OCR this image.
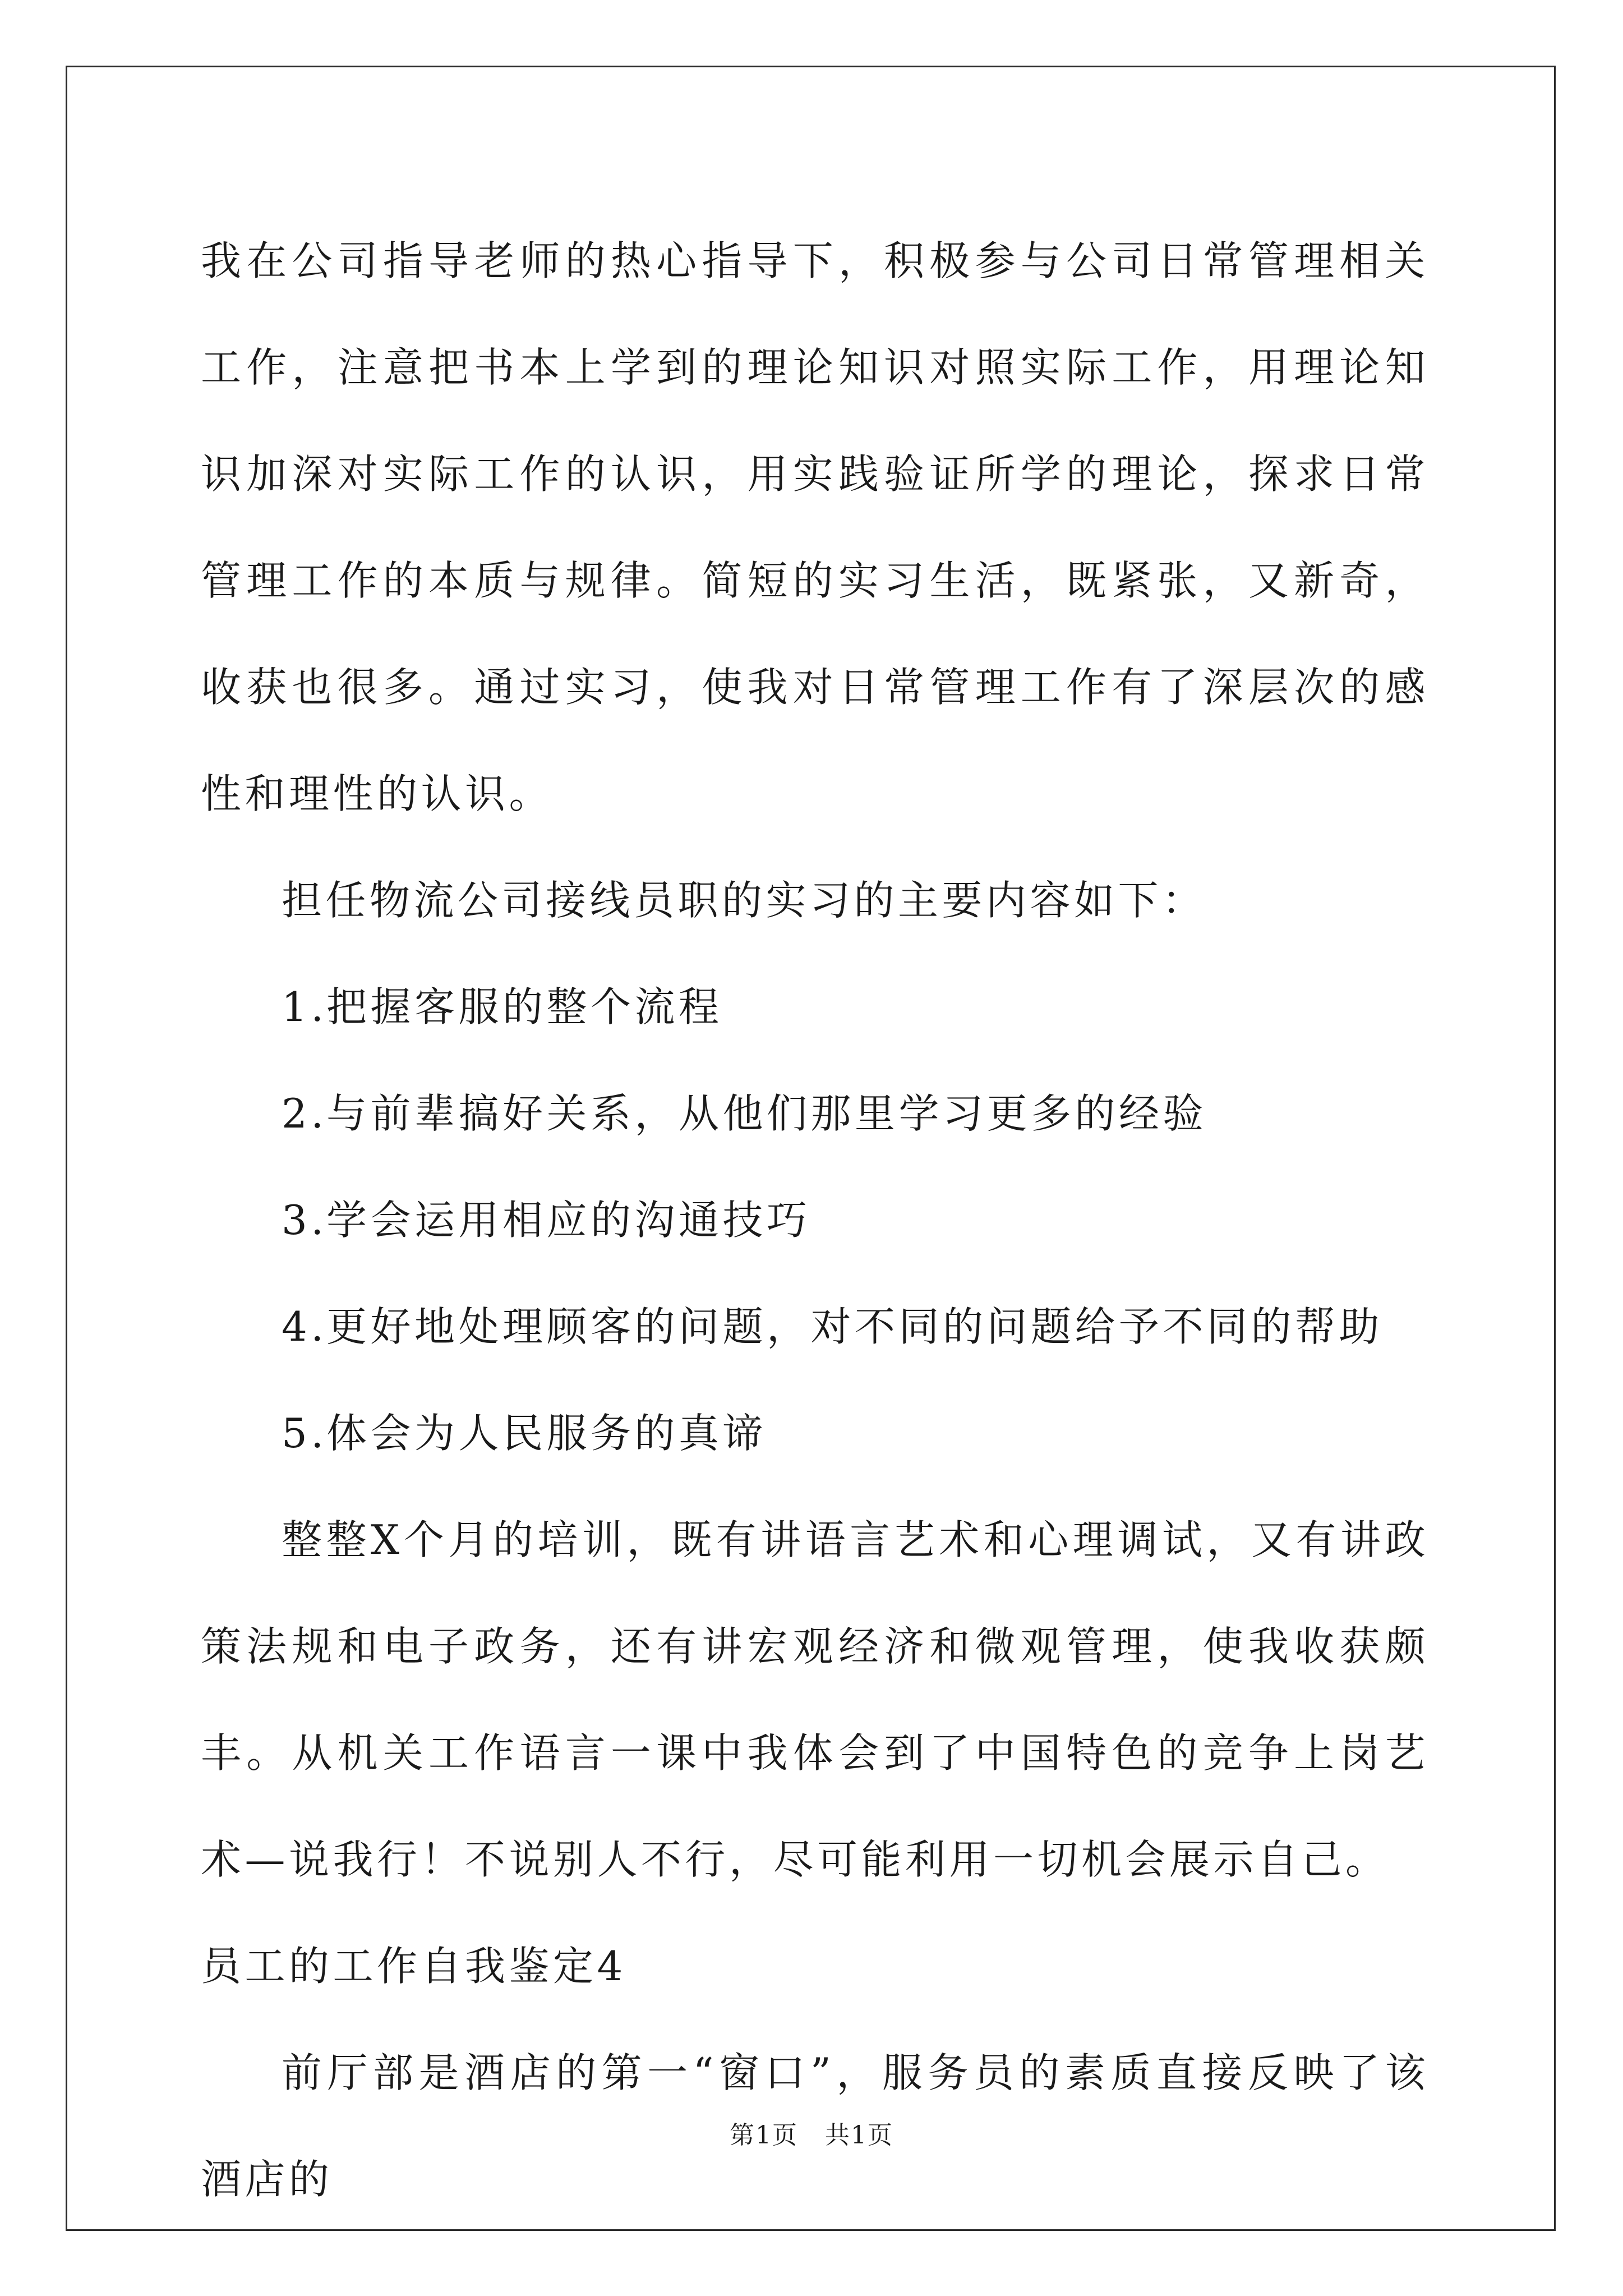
我在公司指导老师的热心指导下，积极参与公司日常管理相关工作，注意把书本上学到的理论知识对照实际工作，用理论知识加深对实际工作的认识，用实践验证所学的理论，探求日常管理工作的本质与规律。简短的实习生活，既紧张，又新奇，收获也很多。通过实习，使我对日常管理工作有了深层次的感性和理性的认识。

担任物流公司接线员职的实习的主要内容如下：

1.把握客服的整个流程

2.与前辈搞好关系，从他们那里学习更多的经验

3.学会运用相应的沟通技巧

4.更好地处理顾客的问题，对不同的问题给予不同的帮助

5.体会为人民服务的真谛

整整X个月的培训，既有讲语言艺术和心理调试，又有讲政策法规和电子政务，还有讲宏观经济和微观管理，使我收获颇丰。从机关工作语言一课中我体会到了中国特色的竞争上岗艺术—说我行！不说别人不行，尽可能利用一切机会展示自己。

员工的工作自我鉴定4

前厅部是酒店的第一“窗口”，服务员的素质直接反映了该酒店的

第1页 共1页
